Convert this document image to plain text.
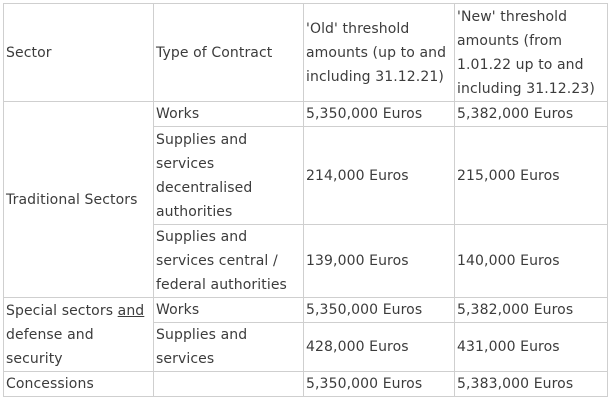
Sector	Type of Contract	'Old' threshold amounts (up to and including 31.12.21)	'New' threshold amounts (from 1.01.22 up to and including 31.12.23)
Traditional Sectors	Works	5,350,000 Euros	5,382,000 Euros
	Supplies and services decentralised authorities	214,000 Euros	215,000 Euros
	Supplies and services central / federal authorities	139,000 Euros	140,000 Euros
Special sectors and defense and security	Works	5,350,000 Euros	5,382,000 Euros
	Supplies and services	428,000 Euros	431,000 Euros
Concessions		5,350,000 Euros	5,383,000 Euros
